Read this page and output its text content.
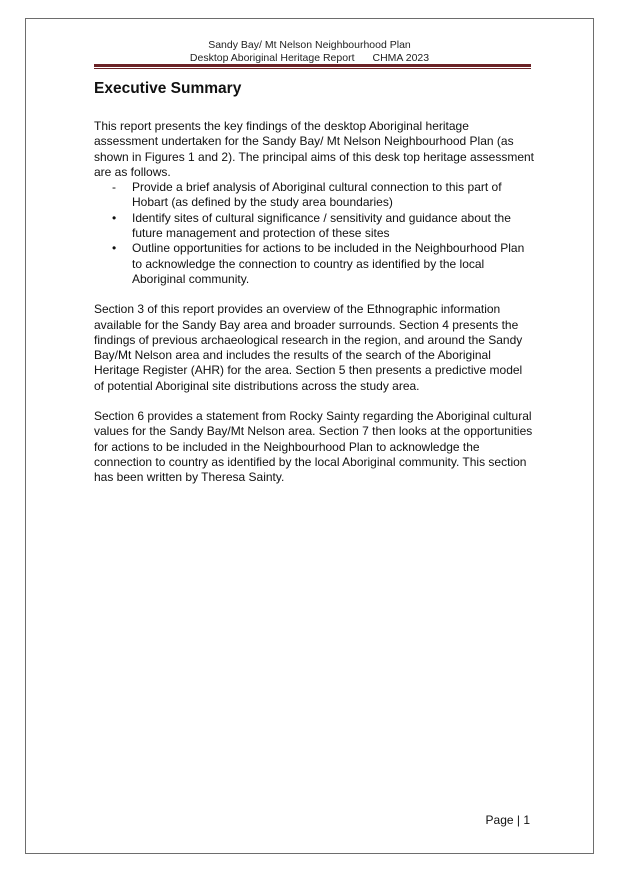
Sandy Bay/ Mt Nelson Neighbourhood Plan
Desktop Aboriginal Heritage Report CHMA 2023
Executive Summary

This report presents the key findings of the desktop Aboriginal heritage assessment undertaken for the Sandy Bay/ Mt Nelson Neighbourhood Plan (as shown in Figures 1 and 2). The principal aims of this desk top heritage assessment are as follows.

-	Provide a brief analysis of Aboriginal cultural connection to this part of Hobart (as defined by the study area boundaries)
•	Identify sites of cultural significance / sensitivity and guidance about the future management and protection of these sites
•	Outline opportunities for actions to be included in the Neighbourhood Plan to acknowledge the connection to country as identified by the local Aboriginal community.

Section 3 of this report provides an overview of the Ethnographic information available for the Sandy Bay area and broader surrounds. Section 4 presents the findings of previous archaeological research in the region, and around the Sandy Bay/Mt Nelson area and includes the results of the search of the Aboriginal Heritage Register (AHR) for the area. Section 5 then presents a predictive model of potential Aboriginal site distributions across the study area.

Section 6 provides a statement from Rocky Sainty regarding the Aboriginal cultural values for the Sandy Bay/Mt Nelson area. Section 7 then looks at the opportunities for actions to be included in the Neighbourhood Plan to acknowledge the connection to country as identified by the local Aboriginal community. This section has been written by Theresa Sainty.

Page | 1
